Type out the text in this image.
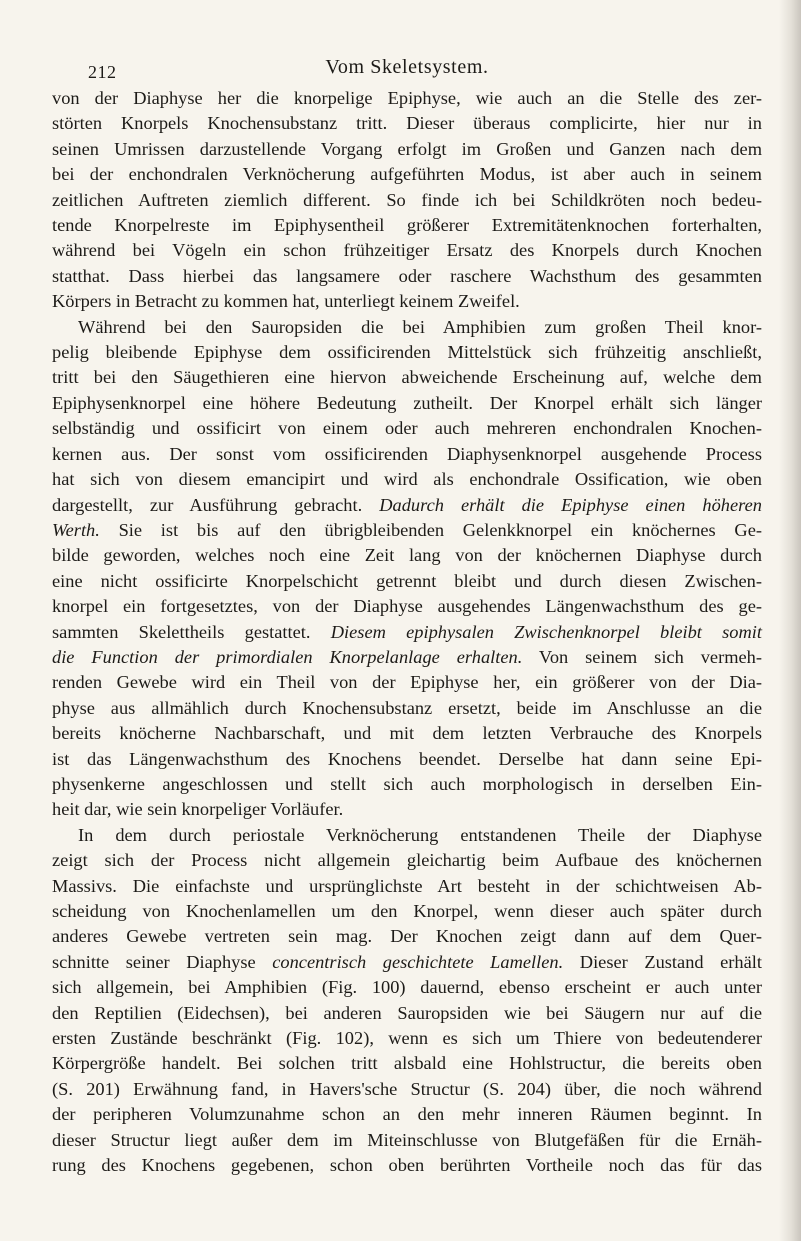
212	Vom Skeletsystem.
von der Diaphyse her die knorpelige Epiphyse, wie auch an die Stelle des zer-
störten Knorpels Knochensubstanz tritt. Dieser überaus complicirte, hier nur in
seinen Umrissen darzustellende Vorgang erfolgt im Großen und Ganzen nach dem
bei der enchondralen Verknöcherung aufgeführten Modus, ist aber auch in seinem
zeitlichen Auftreten ziemlich different. So finde ich bei Schildkröten noch bedeu-
tende Knorpelreste im Epiphysentheil größerer Extremitätenknochen forterhalten,
während bei Vögeln ein schon frühzeitiger Ersatz des Knorpels durch Knochen
statthat. Dass hierbei das langsamere oder raschere Wachsthum des gesammten
Körpers in Betracht zu kommen hat, unterliegt keinem Zweifel.
Während bei den Sauropsiden die bei Amphibien zum großen Theil knor-
pelig bleibende Epiphyse dem ossificirenden Mittelstück sich frühzeitig anschließt,
tritt bei den Säugethieren eine hiervon abweichende Erscheinung auf, welche dem
Epiphysenknorpel eine höhere Bedeutung zutheilt. Der Knorpel erhält sich länger
selbständig und ossificirt von einem oder auch mehreren enchondralen Knochen-
kernen aus. Der sonst vom ossificirenden Diaphysenknorpel ausgehende Process
hat sich von diesem emancipirt und wird als enchondrale Ossification, wie oben
dargestellt, zur Ausführung gebracht. Dadurch erhält die Epiphyse einen höheren
Werth. Sie ist bis auf den übrigbleibenden Gelenkknorpel ein knöchernes Ge-
bilde geworden, welches noch eine Zeit lang von der knöchernen Diaphyse durch
eine nicht ossificirte Knorpelschicht getrennt bleibt und durch diesen Zwischen-
knorpel ein fortgesetztes, von der Diaphyse ausgehendes Längenwachsthum des ge-
sammten Skelettheils gestattet. Diesem epiphysalen Zwischenknorpel bleibt somit
die Function der primordialen Knorpelanlage erhalten. Von seinem sich vermeh-
renden Gewebe wird ein Theil von der Epiphyse her, ein größerer von der Dia-
physe aus allmählich durch Knochensubstanz ersetzt, beide im Anschlusse an die
bereits knöcherne Nachbarschaft, und mit dem letzten Verbrauche des Knorpels
ist das Längenwachsthum des Knochens beendet. Derselbe hat dann seine Epi-
physenkerne angeschlossen und stellt sich auch morphologisch in derselben Ein-
heit dar, wie sein knorpeliger Vorläufer.
In dem durch periostale Verknöcherung entstandenen Theile der Diaphyse
zeigt sich der Process nicht allgemein gleichartig beim Aufbaue des knöchernen
Massivs. Die einfachste und ursprünglichste Art besteht in der schichtweisen Ab-
scheidung von Knochenlamellen um den Knorpel, wenn dieser auch später durch
anderes Gewebe vertreten sein mag. Der Knochen zeigt dann auf dem Quer-
schnitte seiner Diaphyse concentrisch geschichtete Lamellen. Dieser Zustand erhält
sich allgemein, bei Amphibien (Fig. 100) dauernd, ebenso erscheint er auch unter
den Reptilien (Eidechsen), bei anderen Sauropsiden wie bei Säugern nur auf die
ersten Zustände beschränkt (Fig. 102), wenn es sich um Thiere von bedeutenderer
Körpergröße handelt. Bei solchen tritt alsbald eine Hohlstructur, die bereits oben
(S. 201) Erwähnung fand, in Havers'sche Structur (S. 204) über, die noch während
der peripheren Volumzunahme schon an den mehr inneren Räumen beginnt. In
dieser Structur liegt außer dem im Miteinschlusse von Blutgefäßen für die Ernäh-
rung des Knochens gegebenen, schon oben berührten Vortheile noch das für das
